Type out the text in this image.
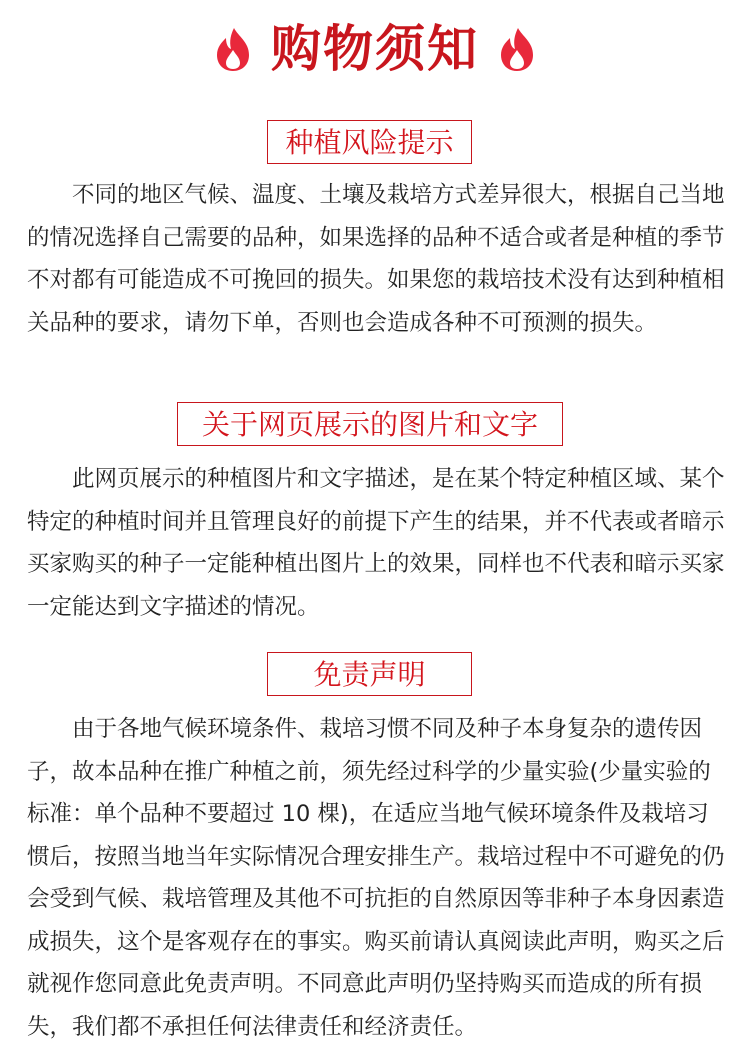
购物须知
种植风险提示

不同的地区气候、温度、土壤及栽培方式差异很大，根据自己当地的情况选择自己需要的品种，如果选择的品种不适合或者是种植的季节不对都有可能造成不可挽回的损失。如果您的栽培技术没有达到种植相关品种的要求，请勿下单，否则也会造成各种不可预测的损失。

关于网页展示的图片和文字

此网页展示的种植图片和文字描述，是在某个特定种植区域、某个特定的种植时间并且管理良好的前提下产生的结果，并不代表或者暗示买家购买的种子一定能种植出图片上的效果，同样也不代表和暗示买家一定能达到文字描述的情况。

免责声明

由于各地气候环境条件、栽培习惯不同及种子本身复杂的遗传因子，故本品种在推广种植之前，须先经过科学的少量实验(少量实验的标准：单个品种不要超过 10 棵)，在适应当地气候环境条件及栽培习惯后，按照当地当年实际情况合理安排生产。栽培过程中不可避免的仍会受到气候、栽培管理及其他不可抗拒的自然原因等非种子本身因素造成损失，这个是客观存在的事实。购买前请认真阅读此声明，购买之后就视作您同意此免责声明。不同意此声明仍坚持购买而造成的所有损失，我们都不承担任何法律责任和经济责任。
